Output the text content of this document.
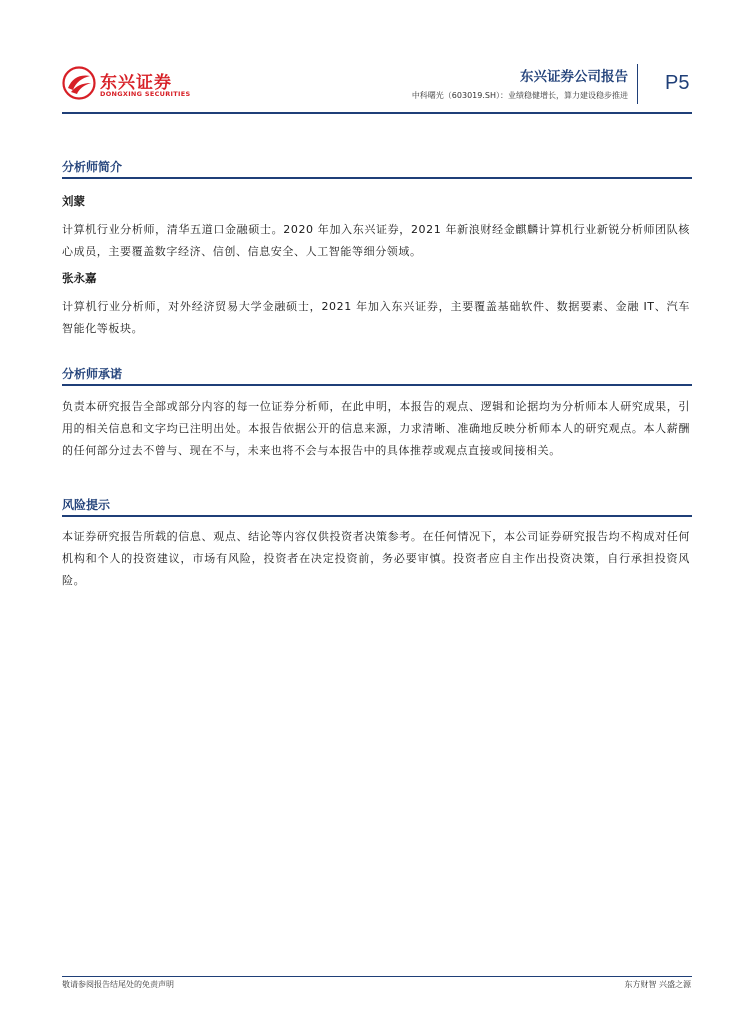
东兴证券
DONGXING SECURITIES
东兴证券公司报告
中科曙光（603019.SH）：业绩稳健增长，算力建设稳步推进
P5
分析师简介
刘蒙
计算机行业分析师，清华五道口金融硕士。2020 年加入东兴证券，2021 年新浪财经金麒麟计算机行业新锐分析师团队核心成员，主要覆盖数字经济、信创、信息安全、人工智能等细分领域。
张永嘉
计算机行业分析师，对外经济贸易大学金融硕士，2021 年加入东兴证券，主要覆盖基础软件、数据要素、金融 IT、汽车智能化等板块。
分析师承诺
负责本研究报告全部或部分内容的每一位证券分析师，在此申明，本报告的观点、逻辑和论据均为分析师本人研究成果，引用的相关信息和文字均已注明出处。本报告依据公开的信息来源，力求清晰、准确地反映分析师本人的研究观点。本人薪酬的任何部分过去不曾与、现在不与，未来也将不会与本报告中的具体推荐或观点直接或间接相关。
风险提示
本证券研究报告所载的信息、观点、结论等内容仅供投资者决策参考。在任何情况下，本公司证券研究报告均不构成对任何机构和个人的投资建议，市场有风险，投资者在决定投资前，务必要审慎。投资者应自主作出投资决策，自行承担投资风险。
敬请参阅报告结尾处的免责声明	东方财智 兴盛之源
